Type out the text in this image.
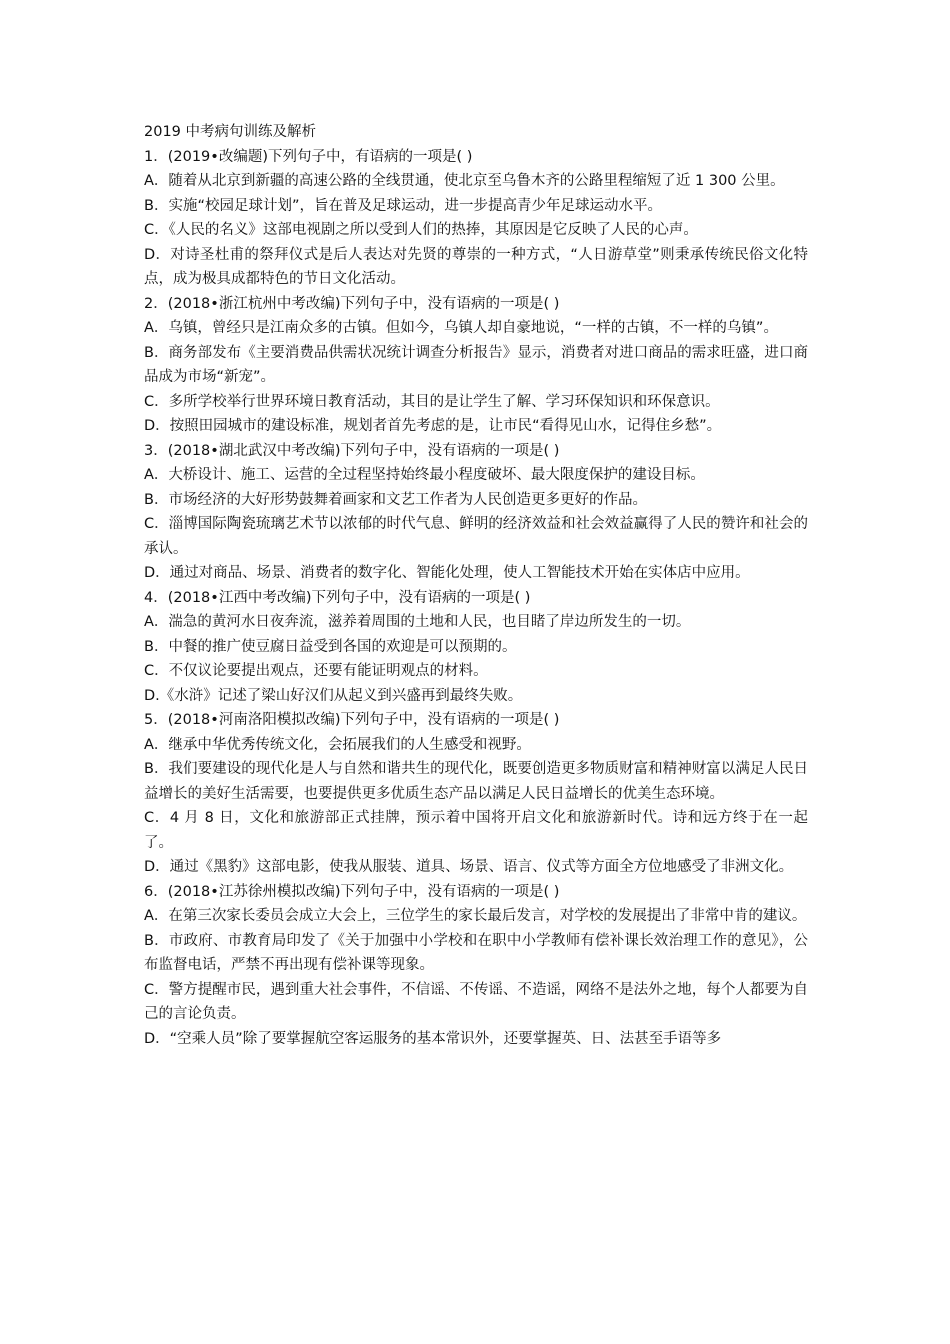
2019 中考病句训练及解析

1．(2019•改编题)下列句子中，有语病的一项是( )

A．随着从北京到新疆的高速公路的全线贯通，使北京至乌鲁木齐的公路里程缩短了近 1 300 公里。

B．实施“校园足球计划”，旨在普及足球运动，进一步提高青少年足球运动水平。

C．《人民的名义》这部电视剧之所以受到人们的热捧，其原因是它反映了人民的心声。

D．对诗圣杜甫的祭拜仪式是后人表达对先贤的尊崇的一种方式，“人日游草堂”则秉承传统民俗文化特点，成为极具成都特色的节日文化活动。

2．(2018•浙江杭州中考改编)下列句子中，没有语病的一项是( )

A．乌镇，曾经只是江南众多的古镇。但如今，乌镇人却自豪地说，“一样的古镇，不一样的乌镇”。

B．商务部发布《主要消费品供需状况统计调查分析报告》显示，消费者对进口商品的需求旺盛，进口商品成为市场“新宠”。

C．多所学校举行世界环境日教育活动，其目的是让学生了解、学习环保知识和环保意识。

D．按照田园城市的建设标准，规划者首先考虑的是，让市民“看得见山水，记得住乡愁”。

3．(2018•湖北武汉中考改编)下列句子中，没有语病的一项是( )

A．大桥设计、施工、运营的全过程坚持始终最小程度破坏、最大限度保护的建设目标。

B．市场经济的大好形势鼓舞着画家和文艺工作者为人民创造更多更好的作品。

C．淄博国际陶瓷琉璃艺术节以浓郁的时代气息、鲜明的经济效益和社会效益赢得了人民的赞许和社会的承认。

D．通过对商品、场景、消费者的数字化、智能化处理，使人工智能技术开始在实体店中应用。

4．(2018•江西中考改编)下列句子中，没有语病的一项是( )

A．湍急的黄河水日夜奔流，滋养着周围的土地和人民，也目睹了岸边所发生的一切。

B．中餐的推广使豆腐日益受到各国的欢迎是可以预期的。

C．不仅议论要提出观点，还要有能证明观点的材料。

D.《水浒》记述了梁山好汉们从起义到兴盛再到最终失败。

5．(2018•河南洛阳模拟改编)下列句子中，没有语病的一项是( )

A．继承中华优秀传统文化，会拓展我们的人生感受和视野。

B．我们要建设的现代化是人与自然和谐共生的现代化，既要创造更多物质财富和精神财富以满足人民日益增长的美好生活需要，也要提供更多优质生态产品以满足人民日益增长的优美生态环境。

C．4 月 8 日，文化和旅游部正式挂牌，预示着中国将开启文化和旅游新时代。诗和远方终于在一起了。

D．通过《黑豹》这部电影，使我从服装、道具、场景、语言、仪式等方面全方位地感受了非洲文化。

6．(2018•江苏徐州模拟改编)下列句子中，没有语病的一项是( )

A．在第三次家长委员会成立大会上，三位学生的家长最后发言，对学校的发展提出了非常中肯的建议。

B．市政府、市教育局印发了《关于加强中小学校和在职中小学教师有偿补课长效治理工作的意见》，公布监督电话，严禁不再出现有偿补课等现象。

C．警方提醒市民，遇到重大社会事件，不信谣、不传谣、不造谣，网络不是法外之地，每个人都要为自己的言论负责。

D．“空乘人员”除了要掌握航空客运服务的基本常识外，还要掌握英、日、法甚至手语等多
